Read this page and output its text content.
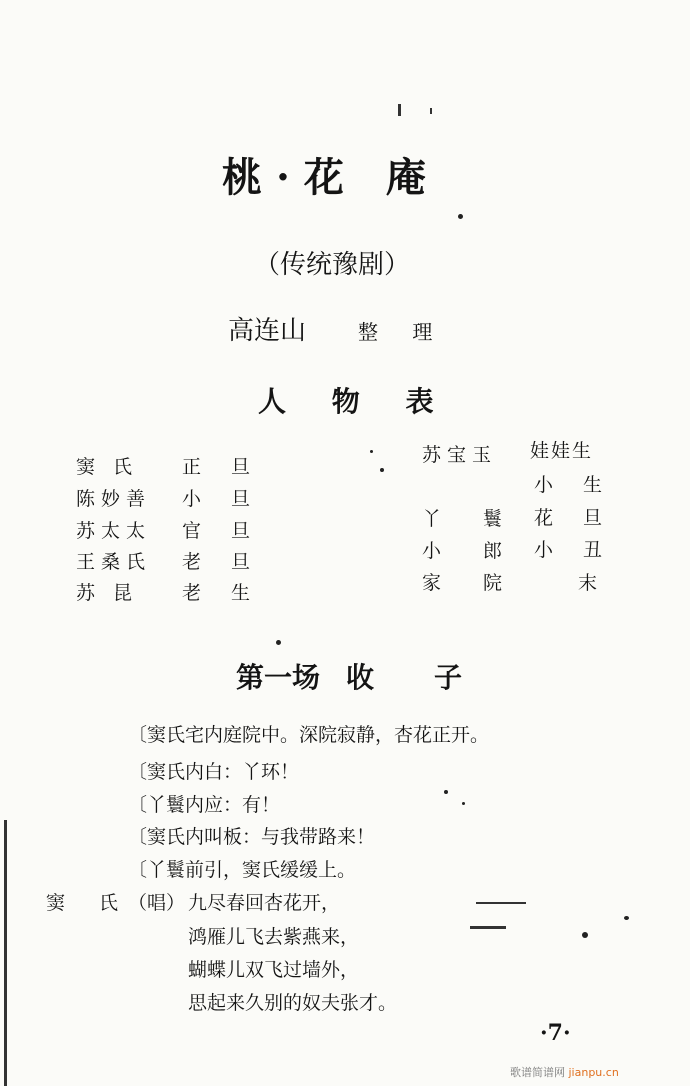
桃·花 庵
（传统豫剧）
高连山	整 理
人 物 表
窦 氏 正 旦
陈妙善 小 旦
苏太太 官 旦
王桑氏 老 旦
苏 昆 老 生
苏宝玉 娃娃生
小 生
丫 鬟 花 旦
小 郎 小 丑
家 院	末
第一场 收 子
〔窦氏宅内庭院中。深院寂静，杏花正开。
〔窦氏内白：丫环！
〔丫鬟内应：有！
〔窦氏内叫板：与我带路来！
〔丫鬟前引，窦氏缓缓上。
窦 氏
（唱） 九尽春回杏花开，
鸿雁儿飞去紫燕来，
蝴蝶儿双飞过墙外，
思起来久别的奴夫张才。
·7·
歌谱简谱网 jianpu.cn
